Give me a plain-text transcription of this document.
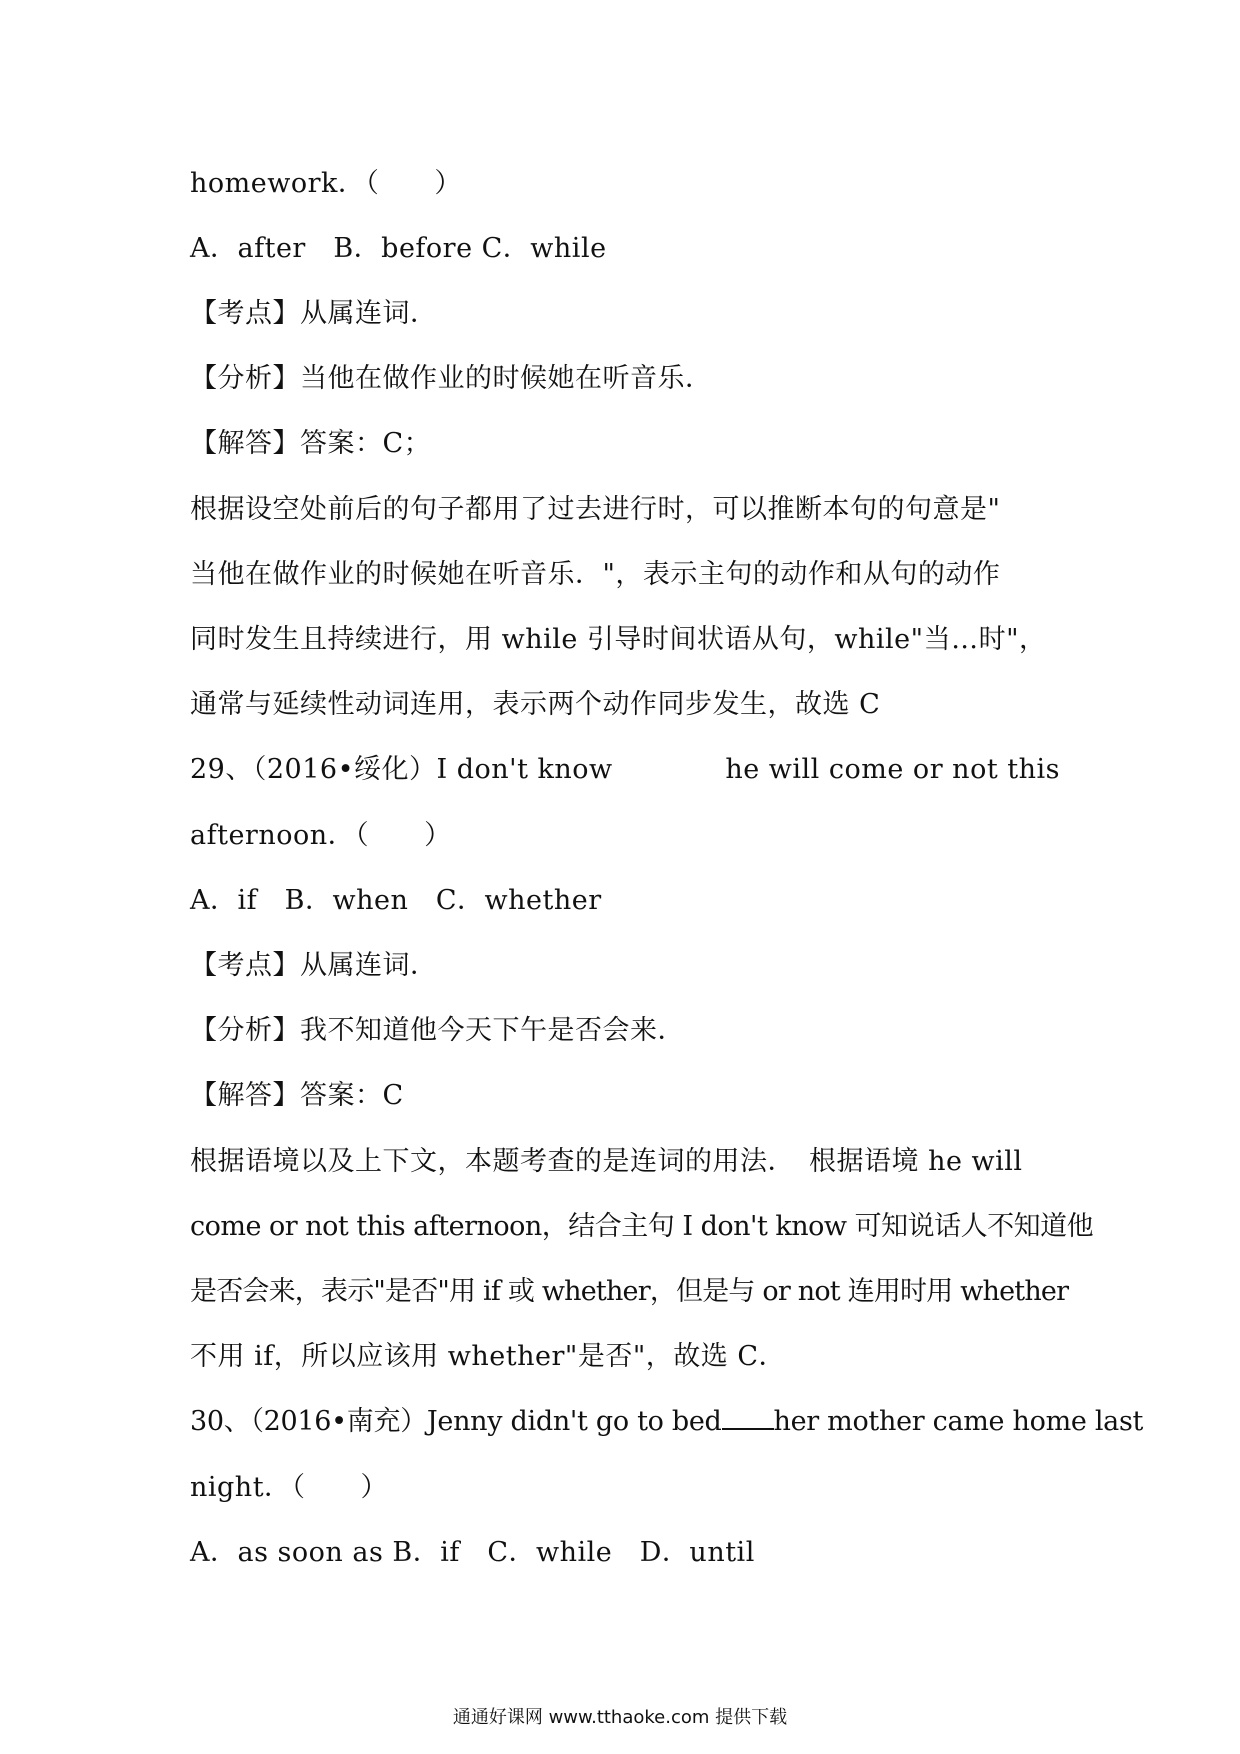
homework．（　　）
A．after　B．before C．while
【考点】从属连词．
【分析】当他在做作业的时候她在听音乐．
【解答】答案：C；
根据设空处前后的句子都用了过去进行时，可以推断本句的句意是"
当他在做作业的时候她在听音乐．"，表示主句的动作和从句的动作
同时发生且持续进行，用 while 引导时间状语从句，while"当…时"，
通常与延续性动词连用，表示两个动作同步发生，故选 C
29、（2016•绥化）I don't know	he will come or not this
afternoon．（　　）
A．if　B．when　C．whether
【考点】从属连词．
【分析】我不知道他今天下午是否会来．
【解答】答案：C
根据语境以及上下文，本题考查的是连词的用法．　根据语境 he will
come or not this afternoon，结合主句 I don't know 可知说话人不知道他
是否会来，表示"是否"用 if 或 whether，但是与 or not 连用时用 whether
不用 if，所以应该用 whether"是否"，故选 C．
30、（2016•南充）Jenny didn't go to bed	her mother came home last
night．（　　）
A．as soon as B．if　C．while　D．until
通通好课网 www.tthaoke.com 提供下载
